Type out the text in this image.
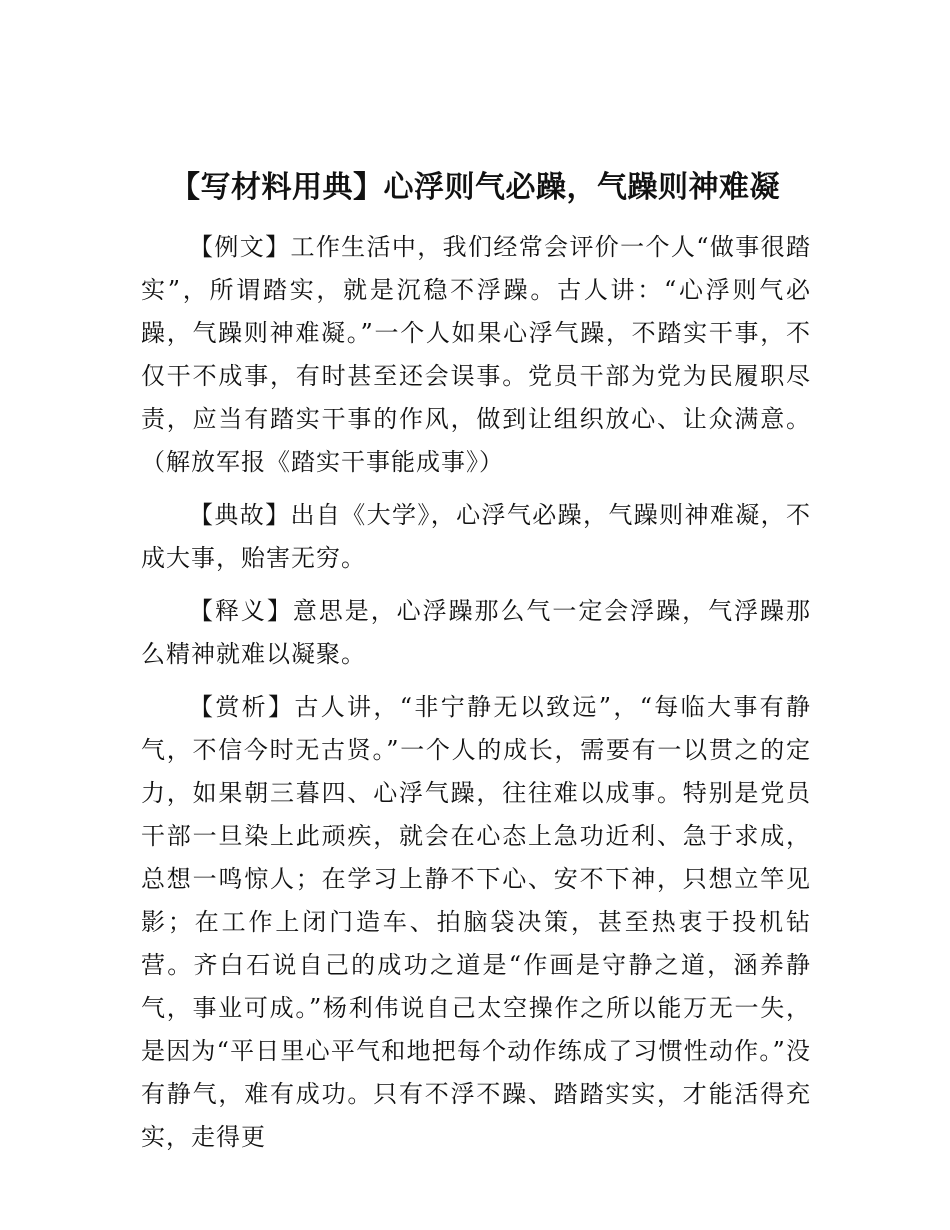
【写材料用典】心浮则气必躁，气躁则神难凝

【例文】工作生活中，我们经常会评价一个人“做事很踏实”，所谓踏实，就是沉稳不浮躁。古人讲：“心浮则气必躁，气躁则神难凝。”一个人如果心浮气躁，不踏实干事，不仅干不成事，有时甚至还会误事。党员干部为党为民履职尽责，应当有踏实干事的作风，做到让组织放心、让众满意。（解放军报《踏实干事能成事》）

【典故】出自《大学》，心浮气必躁，气躁则神难凝，不成大事，贻害无穷。

【释义】意思是，心浮躁那么气一定会浮躁，气浮躁那么精神就难以凝聚。

【赏析】古人讲，“非宁静无以致远”，“每临大事有静气，不信今时无古贤。”一个人的成长，需要有一以贯之的定力，如果朝三暮四、心浮气躁，往往难以成事。特别是党员干部一旦染上此顽疾，就会在心态上急功近利、急于求成，总想一鸣惊人；在学习上静不下心、安不下神，只想立竿见影；在工作上闭门造车、拍脑袋决策，甚至热衷于投机钻营。齐白石说自己的成功之道是“作画是守静之道，涵养静气，事业可成。”杨利伟说自己太空操作之所以能万无一失，是因为“平日里心平气和地把每个动作练成了习惯性动作。”没有静气，难有成功。只有不浮不躁、踏踏实实，才能活得充实，走得更
